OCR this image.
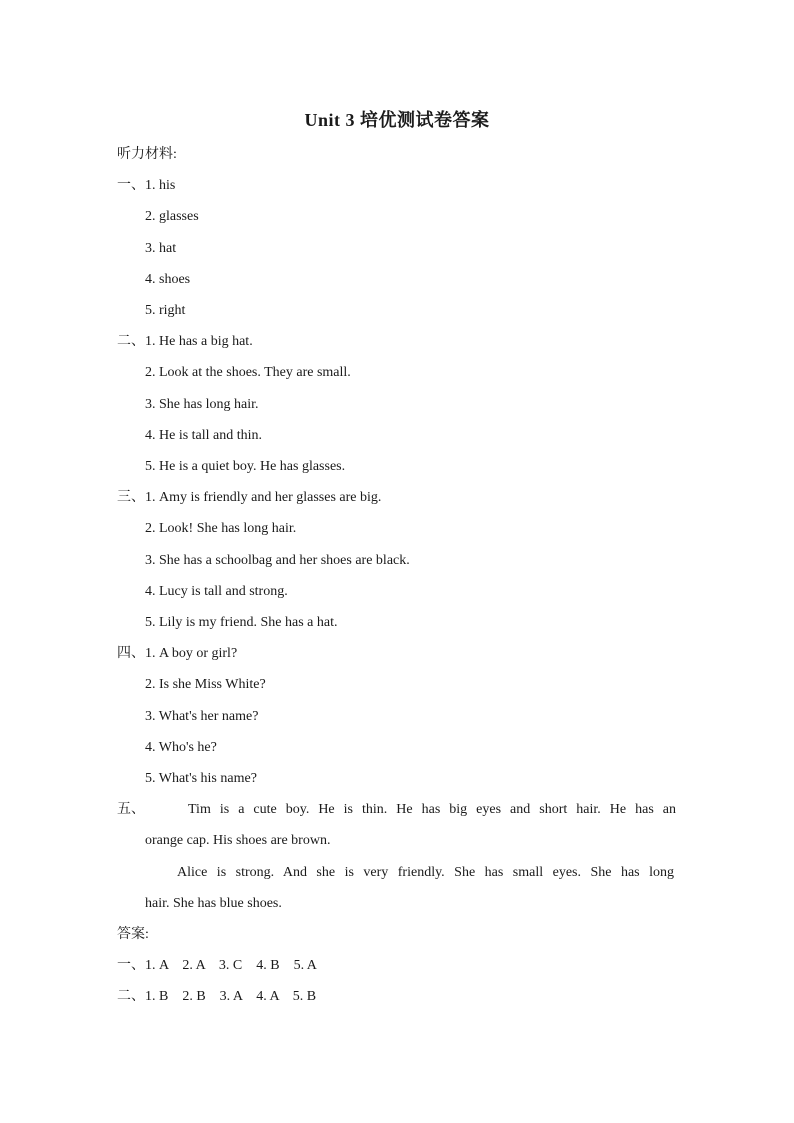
Unit 3 培优测试卷答案
听力材料:
一、1. his
2. glasses
3. hat
4. shoes
5. right
二、1. He has a big hat.
2. Look at the shoes. They are small.
3. She has long hair.
4. He is tall and thin.
5. He is a quiet boy. He has glasses.
三、1. Amy is friendly and her glasses are big.
2. Look! She has long hair.
3. She has a schoolbag and her shoes are black.
4. Lucy is tall and strong.
5. Lily is my friend. She has a hat.
四、1. A boy or girl?
2. Is she Miss White?
3. What's her name?
4. Who's he?
5. What's his name?
五、	Tim is a cute boy. He is thin. He has big eyes and short hair. He has an
orange cap. His shoes are brown.
Alice is strong. And she is very friendly. She has small eyes. She has long
hair. She has blue shoes.
答案:
一、1. A    2. A    3. C    4. B    5. A
二、1. B    2. B    3. A    4. A    5. B
